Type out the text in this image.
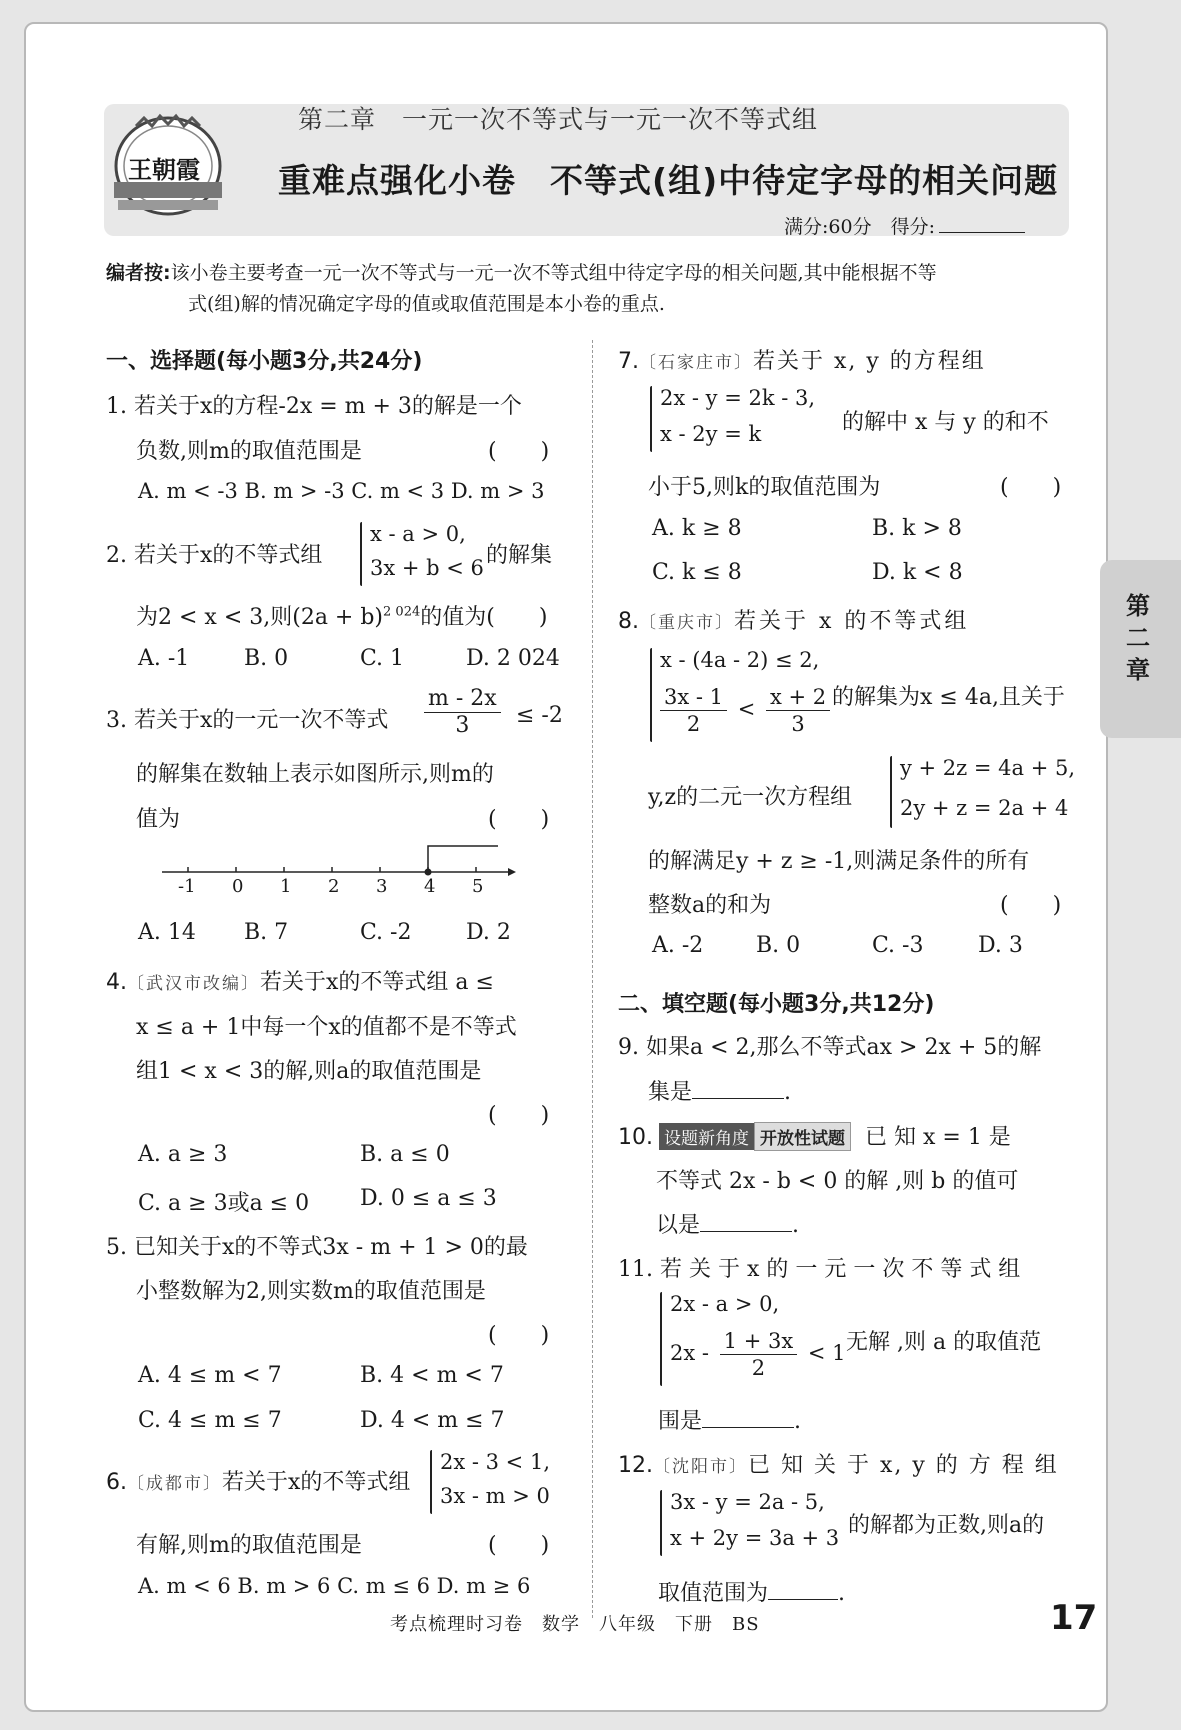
王朝霞
第二章　一元一次不等式与一元一次不等式组
重难点强化小卷　不等式(组)中待定字母的相关问题
满分:60分　得分:
编者按:该小卷主要考查一元一次不等式与一元一次不等式组中待定字母的相关问题,其中能根据不等
式(组)解的情况确定字母的值或取值范围是本小卷的重点.
一、选择题(每小题3分,共24分)
1. 若关于x的方程-2x = m + 3的解是一个
负数,则m的取值范围是	(　　)
A. m < -3 B. m > -3 C. m < 3 D. m > 3
2. 若关于x的不等式组
x - a > 0,
3x + b < 6 的解集
为2 < x < 3,则$(2a + b)^{2 024}$的值为(　　)
A. -1 B. 0	C. 1	D. 2 024
3. 若关于x的一元一次不等式 $\frac{m - 2x}{3} \le -2$
的解集在数轴上表示如图所示,则m的
值为	(　　)
-1 0 1 2 3 4 5
A. 14 B. 7	C. -2 D. 2
4.〔武汉市改编〕若关于x的不等式组 a ≤
x ≤ a + 1中每一个x的值都不是不等式
组1 < x < 3的解,则a的取值范围是
(　　)
A. a ≥ 3	B. a ≤ 0
C. a ≥ 3或a ≤ 0 D. 0 ≤ a ≤ 3
5. 已知关于x的不等式3x - m + 1 > 0的最
小整数解为2,则实数m的取值范围是
(　　)
A. 4 ≤ m < 7	B. 4 < m < 7
C. 4 ≤ m ≤ 7	D. 4 < m ≤ 7
6.〔成都市〕若关于x的不等式组
2x - 3 < 1,
3x - m > 0
有解,则m的取值范围是	(　　)
A. m < 6 B. m > 6 C. m ≤ 6 D. m ≥ 6
7.〔石家庄市〕若关于 x, y 的方程组
2x - y = 2k - 3,
x - 2y = k	的解中 x 与 y 的和不
小于5,则k的取值范围为	(　　)
A. k ≥ 8	B. k > 8
C. k ≤ 8	D. k < 8
8.〔重庆市〕若关于 x 的不等式组
x - (4a - 2) ≤ 2,
$\frac{3x - 1}{2} < \frac{x + 2}{3}$ 的解集为x ≤ 4a,且关于
y,z的二元一次方程组
y + 2z = 4a + 5,
2y + z = 2a + 4
的解满足y + z ≥ -1,则满足条件的所有
整数a的和为	(　　)
A. -2 B. 0	C. -3 D. 3
二、填空题(每小题3分,共12分)
9. 如果a < 2,那么不等式ax > 2x + 5的解
集是	.
10. 设题新角度 开放性试题 已 知 x = 1 是
不等式 2x - b < 0 的解 ,则 b 的值可
以是	.
11. 若 关 于 x 的 一 元 一 次 不 等 式 组
2x - a > 0,
$2x - \frac{1 + 3x}{2} < 1$ 无解 ,则 a 的取值范
围是	.
12.〔沈阳市〕已 知 关 于 x, y 的 方 程 组
3x - y = 2a - 5,
x + 2y = 3a + 3 的解都为正数,则a的
取值范围为	.
第二章
考点梳理时习卷　数学　八年级　下册　BS	17
